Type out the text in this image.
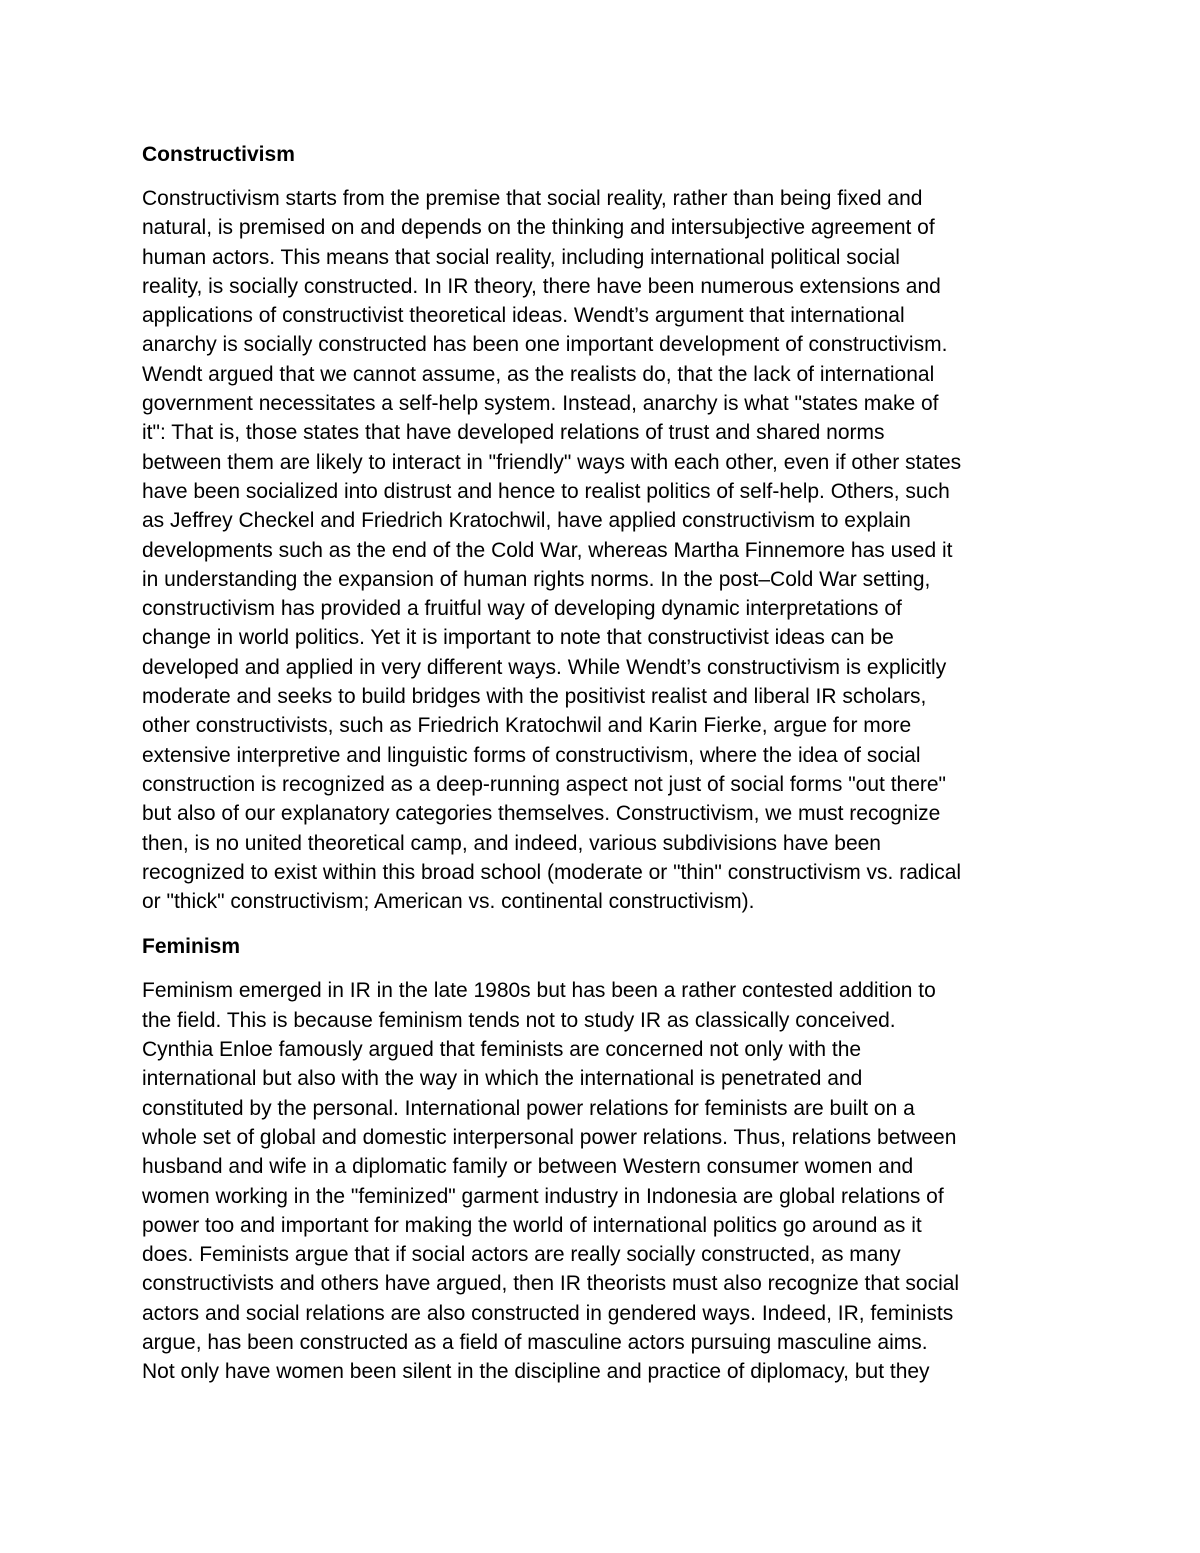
Constructivism
Constructivism starts from the premise that social reality, rather than being fixed and
natural, is premised on and depends on the thinking and intersubjective agreement of
human actors. This means that social reality, including international political social
reality, is socially constructed. In IR theory, there have been numerous extensions and
applications of constructivist theoretical ideas. Wendt’s argument that international
anarchy is socially constructed has been one important development of constructivism.
Wendt argued that we cannot assume, as the realists do, that the lack of international
government necessitates a self-help system. Instead, anarchy is what "states make of
it": That is, those states that have developed relations of trust and shared norms
between them are likely to interact in "friendly" ways with each other, even if other states
have been socialized into distrust and hence to realist politics of self-help. Others, such
as Jeffrey Checkel and Friedrich Kratochwil, have applied constructivism to explain
developments such as the end of the Cold War, whereas Martha Finnemore has used it
in understanding the expansion of human rights norms. In the post–Cold War setting,
constructivism has provided a fruitful way of developing dynamic interpretations of
change in world politics. Yet it is important to note that constructivist ideas can be
developed and applied in very different ways. While Wendt’s constructivism is explicitly
moderate and seeks to build bridges with the positivist realist and liberal IR scholars,
other constructivists, such as Friedrich Kratochwil and Karin Fierke, argue for more
extensive interpretive and linguistic forms of constructivism, where the idea of social
construction is recognized as a deep-running aspect not just of social forms "out there"
but also of our explanatory categories themselves. Constructivism, we must recognize
then, is no united theoretical camp, and indeed, various subdivisions have been
recognized to exist within this broad school (moderate or "thin" constructivism vs. radical
or "thick" constructivism; American vs. continental constructivism).
Feminism
Feminism emerged in IR in the late 1980s but has been a rather contested addition to
the field. This is because feminism tends not to study IR as classically conceived.
Cynthia Enloe famously argued that feminists are concerned not only with the
international but also with the way in which the international is penetrated and
constituted by the personal. International power relations for feminists are built on a
whole set of global and domestic interpersonal power relations. Thus, relations between
husband and wife in a diplomatic family or between Western consumer women and
women working in the "feminized" garment industry in Indonesia are global relations of
power too and important for making the world of international politics go around as it
does. Feminists argue that if social actors are really socially constructed, as many
constructivists and others have argued, then IR theorists must also recognize that social
actors and social relations are also constructed in gendered ways. Indeed, IR, feminists
argue, has been constructed as a field of masculine actors pursuing masculine aims.
Not only have women been silent in the discipline and practice of diplomacy, but they
